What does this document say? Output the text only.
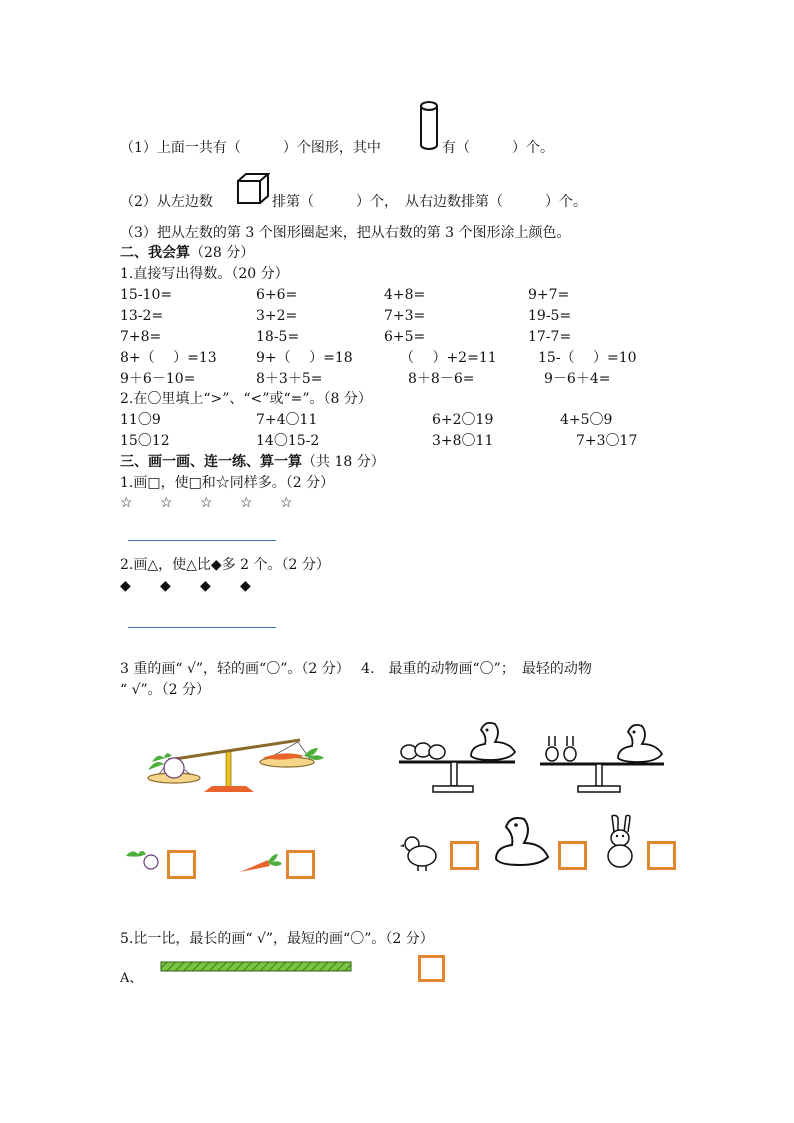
（1）上面一共有（　　　）个图形，其中	有（　　　）个。
（2）从左边数	排第（　　　）个，　从右边数排第（　　　）个。
（3）把从左数的第 3 个图形圈起来，把从右数的第 3 个图形涂上颜色。
二、我会算（28 分）
1.直接写出得数。（20 分）
15-10=	6+6=	4+8=	9+7=
13-2=	3+2=	7+3=	19-5=
7+8=	18-5=	6+5=	17-7=
8+（　 ）=13	9+（　 ）=18	（　 ）+2=11	15-（　 ）=10
9＋6－10=	8＋3＋5=	8＋8－6=	9－6＋4=
2.在〇里填上“>”、“<”或“=”。（8 分）
11〇9	7+4〇11	6+2〇19	4+5〇9
15〇12	14〇15-2	3+8〇11	7+3〇17
三、画一画、连一练、算一算（共 18 分）
1.画□，使□和☆同样多。（2 分）
☆ ☆ ☆ ☆ ☆
2.画△，使△比◆多 2 个。（2 分）
◆ ◆ ◆ ◆
3 重的画“ √”，轻的画“〇”。（2 分）　 4.　最重的动物画“〇”；　最轻的动物
“ √”。（2 分）
5.比一比，最长的画“ √”，最短的画“〇”。（2 分）
A、
